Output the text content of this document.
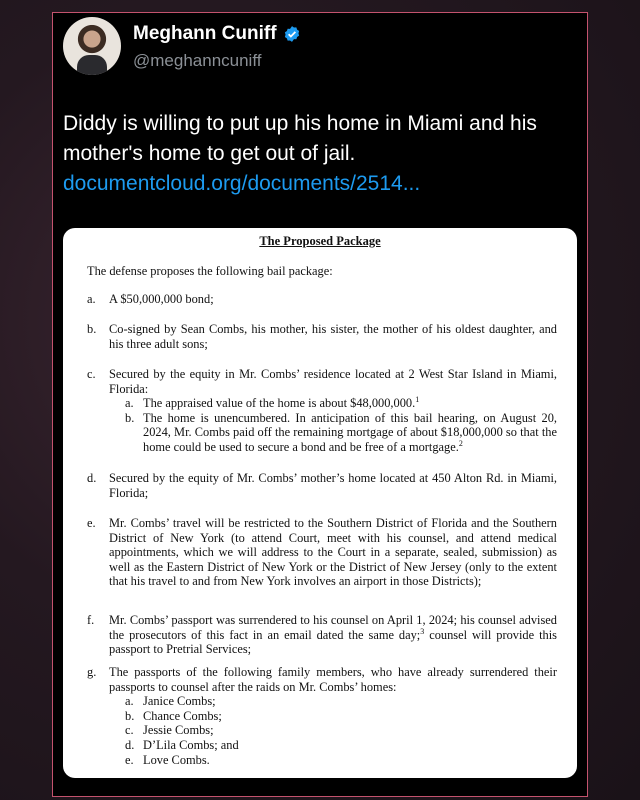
Meghann Cuniff
@meghanncuniff
Diddy is willing to put up his home in Miami and his mother's home to get out of jail.
documentcloud.org/documents/2514...
The Proposed Package
The defense proposes the following bail package:
a. A $50,000,000 bond;
b. Co-signed by Sean Combs, his mother, his sister, the mother of his oldest daughter, and his three adult sons;
c. Secured by the equity in Mr. Combs’ residence located at 2 West Star Island in Miami, Florida:
a. The appraised value of the home is about $48,000,000.$^1$
b. The home is unencumbered. In anticipation of this bail hearing, on August 20, 2024, Mr. Combs paid off the remaining mortgage of about $18,000,000 so that the home could be used to secure a bond and be free of a mortgage.$^2$
d. Secured by the equity of Mr. Combs’ mother’s home located at 450 Alton Rd. in Miami, Florida;
e. Mr. Combs’ travel will be restricted to the Southern District of Florida and the Southern District of New York (to attend Court, meet with his counsel, and attend medical appointments, which we will address to the Court in a separate, sealed, submission) as well as the Eastern District of New York or the District of New Jersey (only to the extent that his travel to and from New York involves an airport in those Districts);
f. Mr. Combs’ passport was surrendered to his counsel on April 1, 2024; his counsel advised the prosecutors of this fact in an email dated the same day;$^3$ counsel will provide this passport to Pretrial Services;
g. The passports of the following family members, who have already surrendered their passports to counsel after the raids on Mr. Combs’ homes:
a. Janice Combs;
b. Chance Combs;
c. Jessie Combs;
d. D’Lila Combs; and
e. Love Combs.
